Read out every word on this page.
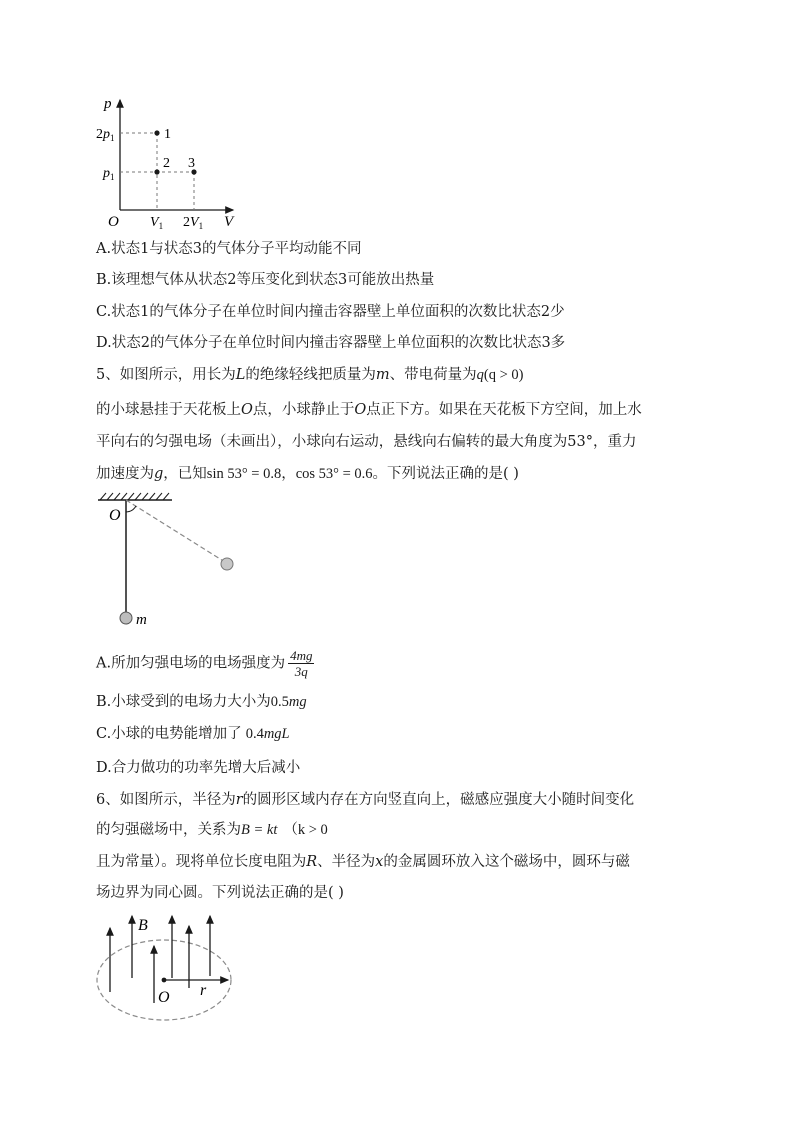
p
V
O
$2p_1$
$p_1$
$V_1$ $2V_1$
1
2 3
A.状态1与状态3的气体分子平均动能不同
B.该理想气体从状态2等压变化到状态3可能放出热量
C.状态1的气体分子在单位时间内撞击容器壁上单位面积的次数比状态2少
D.状态2的气体分子在单位时间内撞击容器壁上单位面积的次数比状态3多
5、如图所示，用长为L的绝缘轻线把质量为m、带电荷量为q(q > 0)
的小球悬挂于天花板上O点，小球静止于O点正下方。如果在天花板下方空间，加上水
平向右的匀强电场（未画出），小球向右运动，悬线向右偏转的最大角度为53°，重力
加速度为g，已知sin 53° = 0.8，cos 53° = 0.6。下列说法正确的是( )
O
m
A.所加匀强电场的电场强度为 $\frac{4mg}{3q}$
B.小球受到的电场力大小为0.5mg
C.小球的电势能增加了 0.4mgL
D.合力做功的功率先增大后减小
6、如图所示，半径为r的圆形区域内存在方向竖直向上，磁感应强度大小随时间变化
的匀强磁场中，关系为B = kt （k > 0
且为常量）。现将单位长度电阻为R、半径为x的金属圆环放入这个磁场中，圆环与磁
场边界为同心圆。下列说法正确的是( )
B
O r
